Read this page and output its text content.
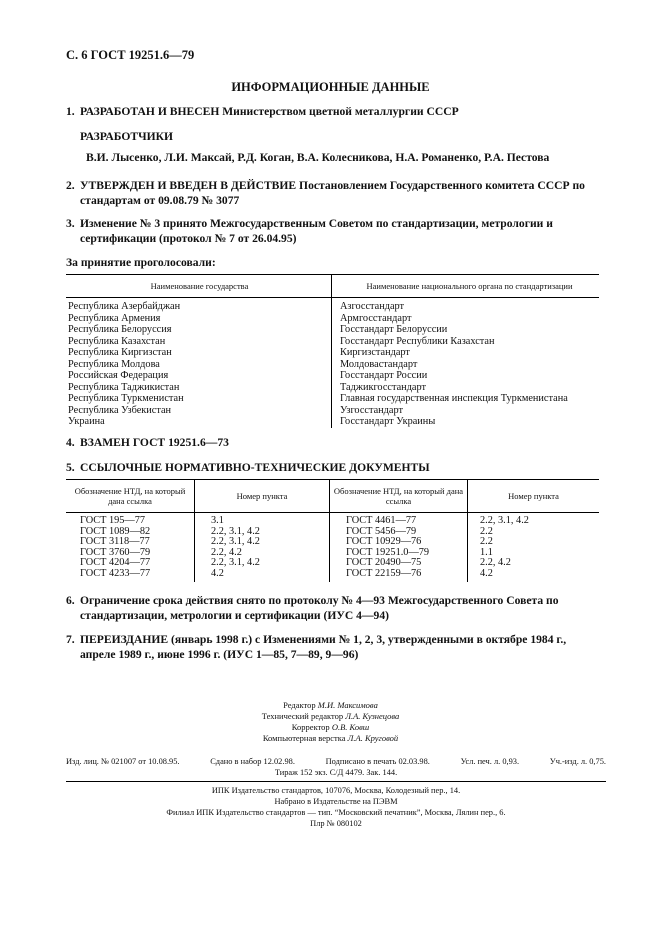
С. 6 ГОСТ 19251.6—79
ИНФОРМАЦИОННЫЕ ДАННЫЕ
1. РАЗРАБОТАН И ВНЕСЕН Министерством цветной металлургии СССР
РАЗРАБОТЧИКИ
В.И. Лысенко, Л.И. Максай, Р.Д. Коган, В.А. Колесникова, Н.А. Романенко, Р.А. Пестова
2. УТВЕРЖДЕН И ВВЕДЕН В ДЕЙСТВИЕ Постановлением Государственного комитета СССР по стандартам от 09.08.79 № 3077
3. Изменение № 3 принято Межгосударственным Советом по стандартизации, метрологии и сертификации (протокол № 7 от 26.04.95)
За принятие проголосовали:
Наименование государства	Наименование национального органа по стандартизации
Республика Азербайджан	Азгосстандарт
Республика Армения	Армгосстандарт
Республика Белоруссия	Госстандарт Белоруссии
Республика Казахстан	Госстандарт Республики Казахстан
Республика Киргизстан	Киргизстандарт
Республика Молдова	Молдовастандарт
Российская Федерация	Госстандарт России
Республика Таджикистан	Таджикгосстандарт
Республика Туркменистан	Главная государственная инспекция Туркменистана
Республика Узбекистан	Узгосстандарт
Украина	Госстандарт Украины
4. ВЗАМЕН ГОСТ 19251.6—73
5. ССЫЛОЧНЫЕ НОРМАТИВНО-ТЕХНИЧЕСКИЕ ДОКУМЕНТЫ
Обозначение НТД, на который дана ссылка	Номер пункта	Обозначение НТД, на который дана ссылка	Номер пункта
ГОСТ 195—77	3.1	ГОСТ 4461—77	2.2, 3.1, 4.2
ГОСТ 1089—82	2.2, 3.1, 4.2	ГОСТ 5456—79	2.2
ГОСТ 3118—77	2.2, 3.1, 4.2	ГОСТ 10929—76	2.2
ГОСТ 3760—79	2.2, 4.2	ГОСТ 19251.0—79	1.1
ГОСТ 4204—77	2.2, 3.1, 4.2	ГОСТ 20490—75	2.2, 4.2
ГОСТ 4233—77	4.2	ГОСТ 22159—76	4.2
6. Ограничение срока действия снято по протоколу № 4—93 Межгосударственного Совета по стандартизации, метрологии и сертификации (ИУС 4—94)
7. ПЕРЕИЗДАНИЕ (январь 1998 г.) с Изменениями № 1, 2, 3, утвержденными в октябре 1984 г., апреле 1989 г., июне 1996 г. (ИУС 1—85, 7—89, 9—96)
Редактор М.И. Максимова
Технический редактор Л.А. Кузнецова
Корректор О.В. Ковш
Компьютерная верстка Л.А. Круговой
Изд. лиц. № 021007 от 10.08.95.	Сдано в набор 12.02.98.	Подписано в печать 02.03.98.	Усл. печ. л. 0,93.	Уч.-изд. л. 0,75.
Тираж 152 экз. С/Д 4479. Зак. 144.
ИПК Издательство стандартов, 107076, Москва, Колодезный пер., 14.
Набрано в Издательстве на ПЭВМ
Филиал ИПК Издательство стандартов — тип. “Московский печатник”, Москва, Лялин пер., 6.
Плр № 080102
